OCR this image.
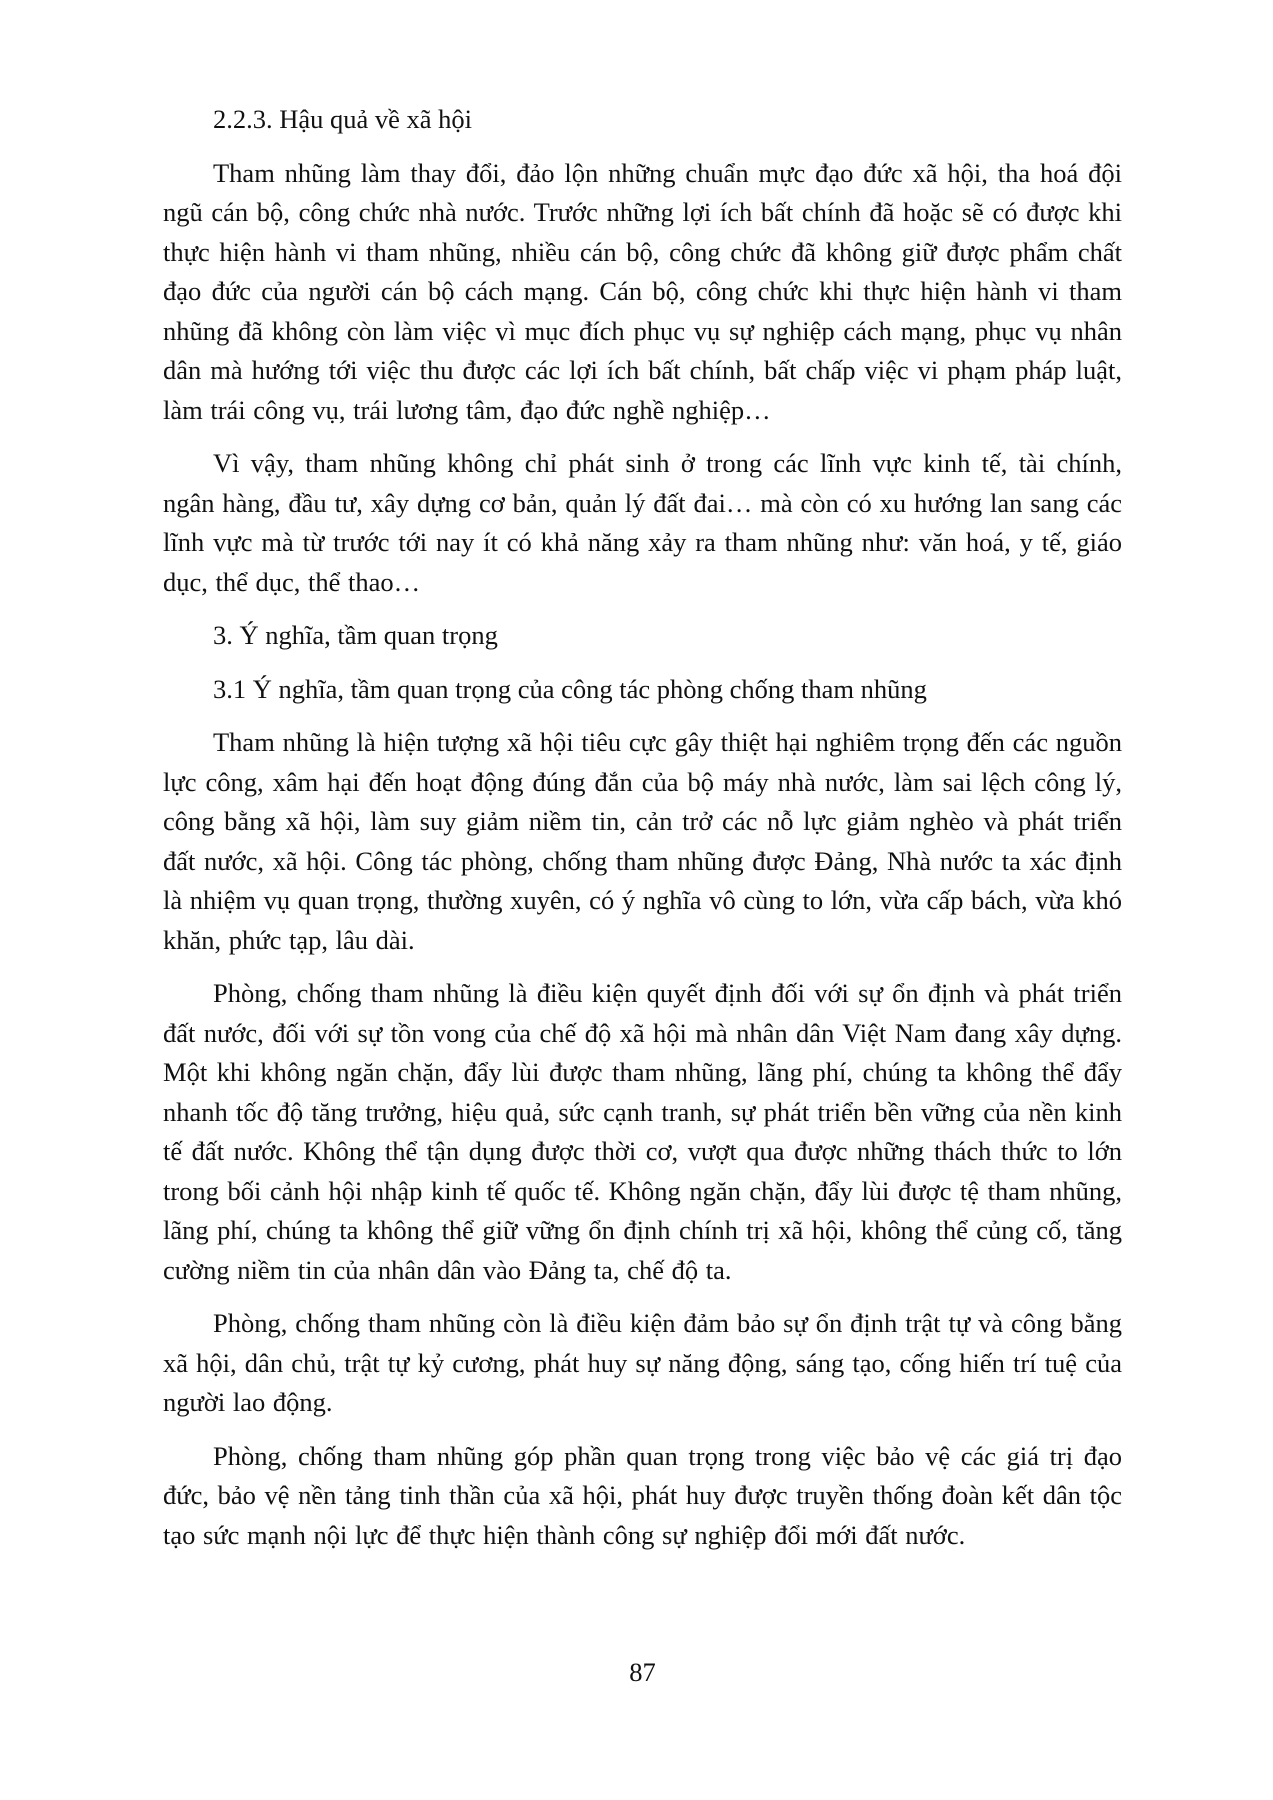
2.2.3. Hậu quả về xã hội

Tham nhũng làm thay đổi, đảo lộn những chuẩn mực đạo đức xã hội, tha hoá đội ngũ cán bộ, công chức nhà nước. Trước những lợi ích bất chính đã hoặc sẽ có được khi thực hiện hành vi tham nhũng, nhiều cán bộ, công chức đã không giữ được phẩm chất đạo đức của người cán bộ cách mạng. Cán bộ, công chức khi thực hiện hành vi tham nhũng đã không còn làm việc vì mục đích phục vụ sự nghiệp cách mạng, phục vụ nhân dân mà hướng tới việc thu được các lợi ích bất chính, bất chấp việc vi phạm pháp luật, làm trái công vụ, trái lương tâm, đạo đức nghề nghiệp…

Vì vậy, tham nhũng không chỉ phát sinh ở trong các lĩnh vực kinh tế, tài chính, ngân hàng, đầu tư, xây dựng cơ bản, quản lý đất đai… mà còn có xu hướng lan sang các lĩnh vực mà từ trước tới nay ít có khả năng xảy ra tham nhũng như: văn hoá, y tế, giáo dục, thể dục, thể thao…

3. Ý nghĩa, tầm quan trọng
3.1 Ý nghĩa, tầm quan trọng của công tác phòng chống tham nhũng

Tham nhũng là hiện tượng xã hội tiêu cực gây thiệt hại nghiêm trọng đến các nguồn lực công, xâm hại đến hoạt động đúng đắn của bộ máy nhà nước, làm sai lệch công lý, công bằng xã hội, làm suy giảm niềm tin, cản trở các nỗ lực giảm nghèo và phát triển đất nước, xã hội. Công tác phòng, chống tham nhũng được Đảng, Nhà nước ta xác định là nhiệm vụ quan trọng, thường xuyên, có ý nghĩa vô cùng to lớn, vừa cấp bách, vừa khó khăn, phức tạp, lâu dài.

Phòng, chống tham nhũng là điều kiện quyết định đối với sự ổn định và phát triển đất nước, đối với sự tồn vong của chế độ xã hội mà nhân dân Việt Nam đang xây dựng. Một khi không ngăn chặn, đẩy lùi được tham nhũng, lãng phí, chúng ta không thể đẩy nhanh tốc độ tăng trưởng, hiệu quả, sức cạnh tranh, sự phát triển bền vững của nền kinh tế đất nước. Không thể tận dụng được thời cơ, vượt qua được những thách thức to lớn trong bối cảnh hội nhập kinh tế quốc tế. Không ngăn chặn, đẩy lùi được tệ tham nhũng, lãng phí, chúng ta không thể giữ vững ổn định chính trị xã hội, không thể củng cố, tăng cường niềm tin của nhân dân vào Đảng ta, chế độ ta.

Phòng, chống tham nhũng còn là điều kiện đảm bảo sự ổn định trật tự và công bằng xã hội, dân chủ, trật tự kỷ cương, phát huy sự năng động, sáng tạo, cống hiến trí tuệ của người lao động.

Phòng, chống tham nhũng góp phần quan trọng trong việc bảo vệ các giá trị đạo đức, bảo vệ nền tảng tinh thần của xã hội, phát huy được truyền thống đoàn kết dân tộc tạo sức mạnh nội lực để thực hiện thành công sự nghiệp đổi mới đất nước.

87
